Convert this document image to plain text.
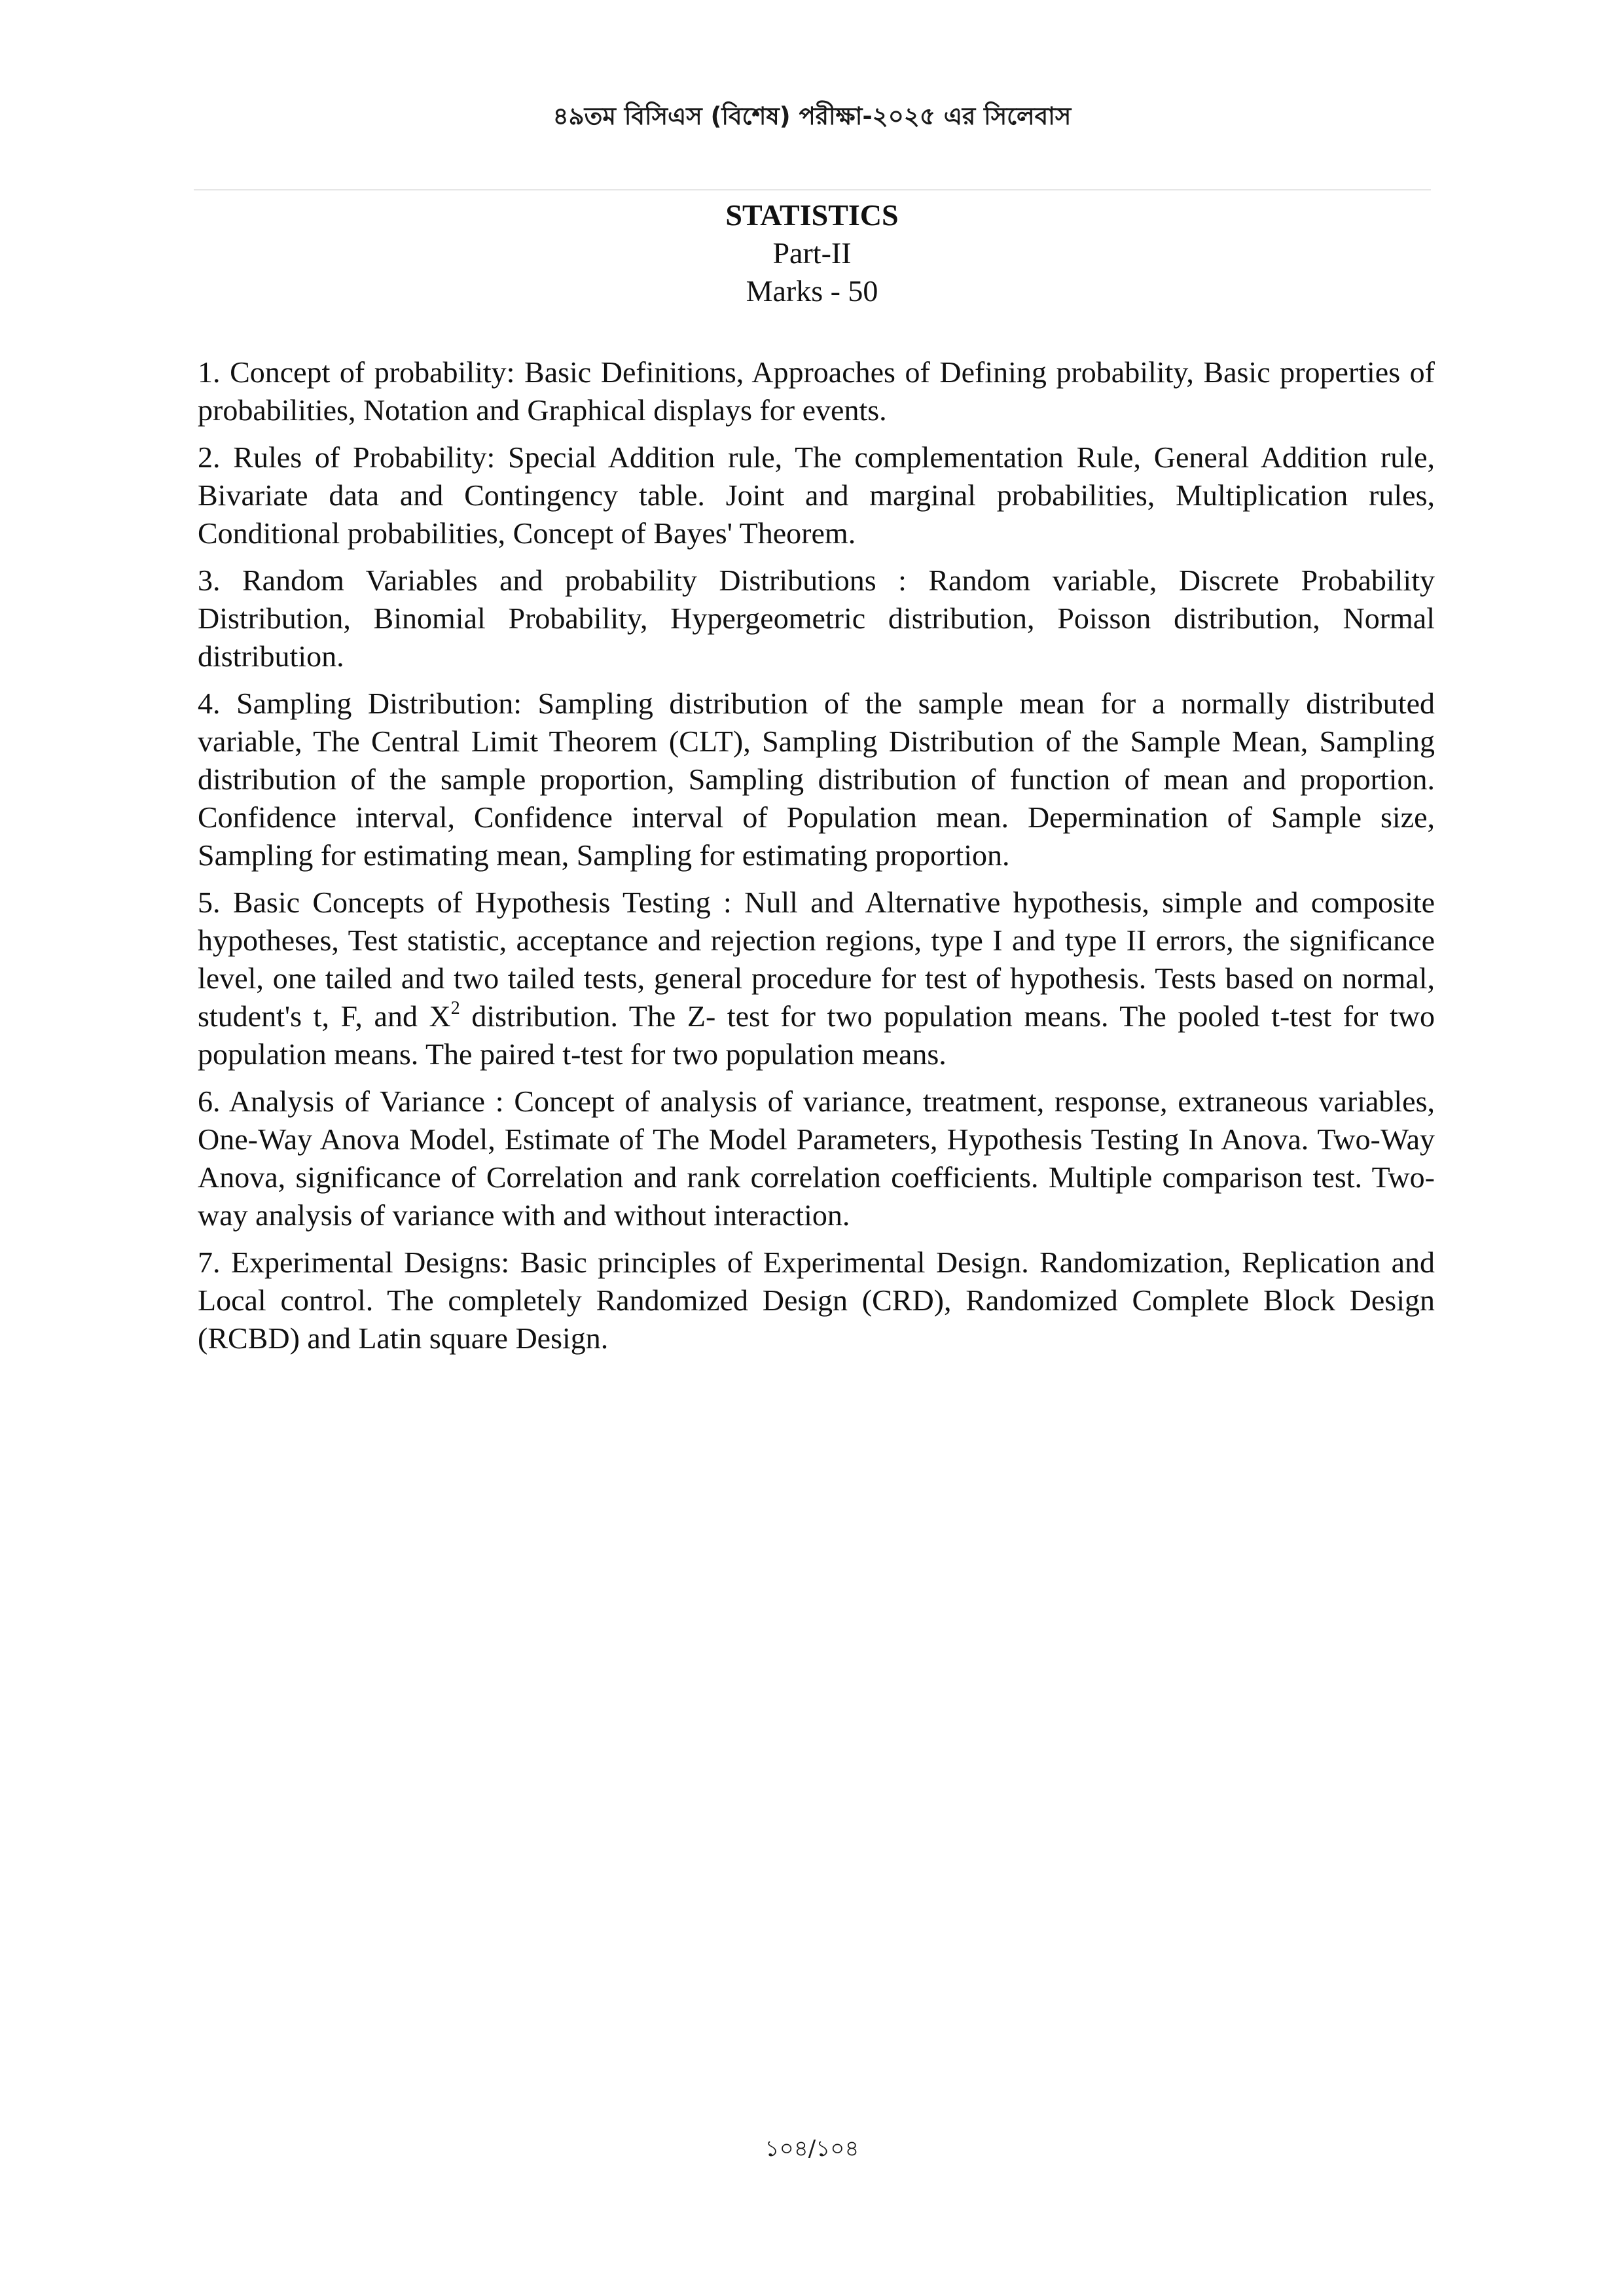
৪৯তম বিসিএস (বিশেষ) পরীক্ষা-২০২৫ এর সিলেবাস
STATISTICS
Part-II
Marks - 50

1. Concept of probability: Basic Definitions, Approaches of Defining probability, Basic properties of probabilities, Notation and Graphical displays for events.

2. Rules of Probability: Special Addition rule, The complementation Rule, General Addition rule, Bivariate data and Contingency table. Joint and marginal probabilities, Multiplication rules, Conditional probabilities, Concept of Bayes' Theorem.

3. Random Variables and probability Distributions : Random variable, Discrete Probability Distribution, Binomial Probability, Hypergeometric distribution, Poisson distribution, Normal distribution.

4. Sampling Distribution: Sampling distribution of the sample mean for a normally distributed variable, The Central Limit Theorem (CLT), Sampling Distribution of the Sample Mean, Sampling distribution of the sample proportion, Sampling distribution of function of mean and proportion. Confidence interval, Confidence interval of Population mean. Depermination of Sample size, Sampling for estimating mean, Sampling for estimating proportion.

5. Basic Concepts of Hypothesis Testing : Null and Alternative hypothesis, simple and composite hypotheses, Test statistic, acceptance and rejection regions, type I and type II errors, the significance level, one tailed and two tailed tests, general procedure for test of hypothesis. Tests based on normal, student's t, F, and $X^2$ distribution. The Z- test for two population means. The pooled t-test for two population means. The paired t-test for two population means.

6. Analysis of Variance : Concept of analysis of variance, treatment, response, extraneous variables, One-Way Anova Model, Estimate of The Model Parameters, Hypothesis Testing In Anova. Two-Way Anova, significance of Correlation and rank correlation coefficients. Multiple comparison test. Two-way analysis of variance with and without interaction.

7. Experimental Designs: Basic principles of Experimental Design. Randomization, Replication and Local control. The completely Randomized Design (CRD), Randomized Complete Block Design (RCBD) and Latin square Design.

১০৪/১০৪
